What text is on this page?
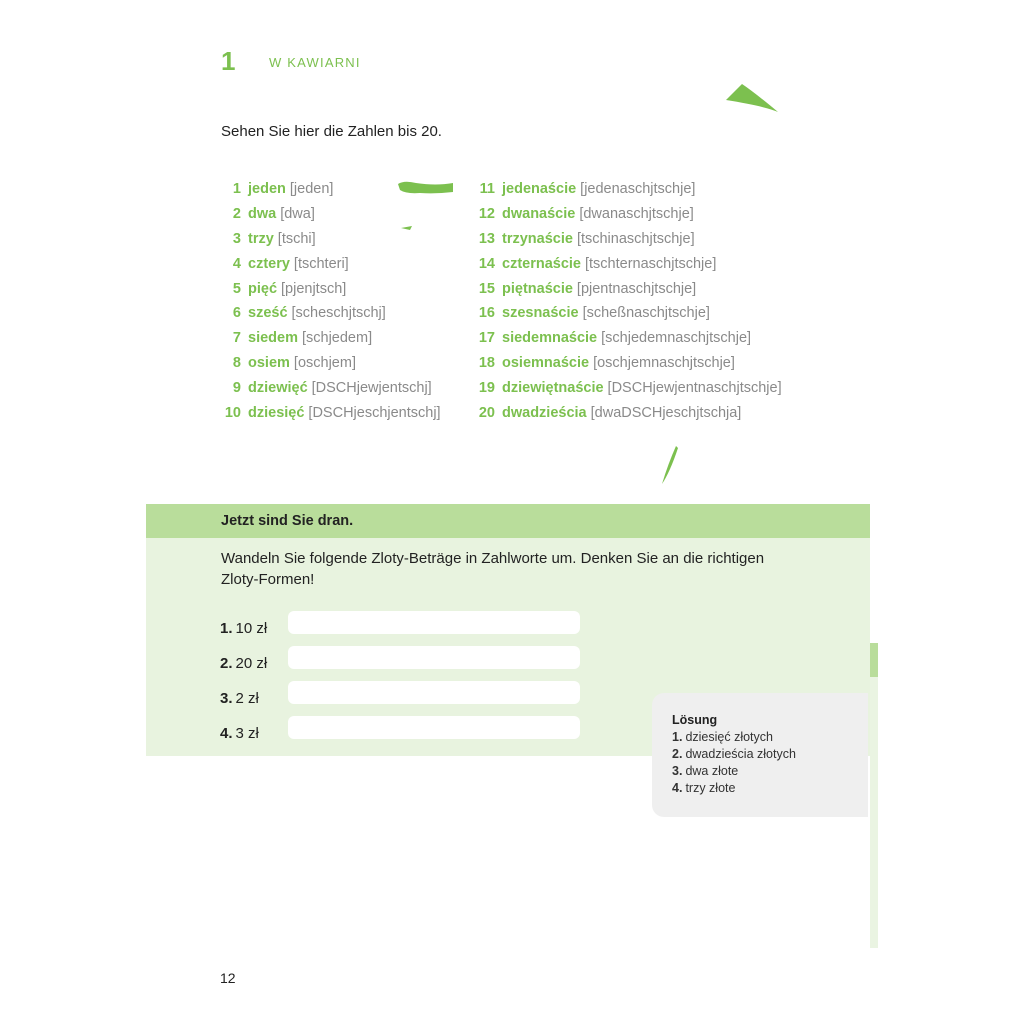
1	W KAWIARNI
Sehen Sie hier die Zahlen bis 20.
1 jeden [jeden]
2 dwa [dwa]
3 trzy [tschi]
4 cztery [tschteri]
5 pięć [pjenjtsch]
6 sześć [scheschjtschj]
7 siedem [schjedem]
8 osiem [oschjem]
9 dziewięć [DSCHjewjentschj]
10 dziesięć [DSCHjeschjentschj]
11 jedenaście [jedenaschjtschje]
12 dwanaście [dwanaschjtschje]
13 trzynaście [tschinaschjtschje]
14 czternaście [tschternaschjtschje]
15 piętnaście [pjentnaschjtschje]
16 szesnaście [scheßnaschjtschje]
17 siedemnaście [schjedemnaschjtschje]
18 osiemnaście [oschjemnaschjtschje]
19 dziewiętnaście [DSCHjewjentnaschjtschje]
20 dwadzieścia [dwaDSCHjeschjtschja]
Jetzt sind Sie dran.
Wandeln Sie folgende Zloty-Beträge in Zahlworte um. Denken Sie an die richtigen Zloty-Formen!
1. 10 zł
2. 20 zł
3. 2 zł
4. 3 zł
Lösung
1. dziesięć złotych
2. dwadzieścia złotych
3. dwa złote
4. trzy złote
12
